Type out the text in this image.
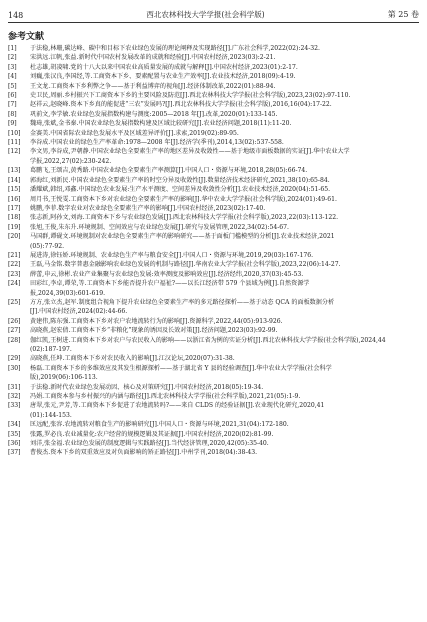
148	西北农林科技大学学报(社会科学版)	第 25 卷
参考文献
[1]	于法稳,林珊,碳达峰、碳中和目标下农业绿色发展的理论阐释及实现路径[J].广东社会科学,2022(02):24-32.
[2]	宋洪远.江帆,张益.新时代中国农村发展改革的成就和经验[J].中国农村经济,2023(03):2-21.
[3]	杜志雄,胡凌啸.党的十八大以来中国农业高质量发展的成就与解释[J].中国农村经济,2023(01):2-17.
[4]	刘巍,张汉良,李国经,等.工商资本下乡、要素配置与农业生产效率[J].农业技术经济,2018(09):4-19.
[5]	王文龙.工商资本下乡利弊之争——基于利益博弈的视角[J].经济体制改革,2022(01):88-94.
[6]	史卫民,周丽.乡村振兴下工商资本下乡的主要风险及防范[J].西北农林科技大学学报(社会科学版),2023,23(02):97-110.
[7]	赵祥云,赵晓峰.资本下乡真的能促进“三农”发展吗?[J].西北农林科技大学学报(社会科学版),2016,16(04):17-22.
[8]	巩前文,李学敏.农业绿色发展指数构建与测度:2005—2018 年[J].改革,2020(01):133-145.
[9]	魏琦,张斌,金书秦.中国农业绿色发展指数构建及区域比较研究[J].农业经济问题,2018(11):11-20.
[10]	金赛美.中国省际农业绿色发展水平及区域差异评价[J].求索,2019(02):89-95.
[11]	李谷成.中国农业的绿色生产率革命:1978—2008 年[J].经济学(季刊),2014,13(02):537-558.
[12]	李文男,李谷成,尹朝静.中国农业绿色全要素生产率的地区差异及收敛性——基于地级市面板数据的实证[J].华中农业大学
学报,2022,27(02):230-242.
[13]	葛鹏飞,王颂吉,黄秀路.中国农业绿色全要素生产率测算[J].中国人口・资源与环境,2018,28(05):66-74.
[14]	郭海红,刘新民.中国农业绿色全要素生产率的时空分异及收敛性[J].数量经济技术经济研究,2021,38(10):65-84.
[15]	潘耀斌,韩绍,邓鑫.中国绿色农业发展:生产水平测度、空间差异及收敛性分析[J].农业技术经济,2020(04):51-65.
[16]	周月书,王悦雯.工商资本下乡对农业绿色全要素生产率的影响[J].华中农业大学学报(社会科学版),2024(01):49-61.
[17]	姚鹏,李菲.数字农业对农业绿色全要素生产率的影响[J].中国农村经济,2023(02):17-40.
[18]	张志新,阿孙文,刘海.工商资本下乡与农业绿色发展[J].西北农林科技大学学报(社会科学版),2023,22(03):113-122.
[19]	张旭,王俊,朱东升.环境规制、空间效应与农业绿色发展[J].研究与发展管理,2022,34(02):54-67.
[20]	马国群,谭砚文.环境规制对农业绿色全要素生产率的影响研究——基于面板门槛模型的分析[J].农业技术经济,2021
(05):77-92.
[21]	展进涛,徐钰娇.环境规制、农业绿色生产率与粮食安全[J].中国人口・资源与环境,2019,29(03):167-176.
[22]	王磊,马金铭.数字普惠金融影响农业绿色发展的机制与路径[J].华南农业大学学报(社会科学版),2023,22(06):14-27.
[23]	薛蕾,申云,徐彬.农业产业集聚与农业绿色发展:效率测度及影响效应[J].经济经纬,2020,37(03):45-53.
[24]	田彩红,李卓,谭荣,等.工商资本下乡能否提升农户福祉?——以长江经济带 579 个县域为例[J].自然资源学
报,2024,39(03):601-619.
[25]	方方,张立杰,赵军.制度组合视角下提升农业绿色全要素生产率的多元路径探析——基于动态 QCA 的面板数据分析
[J].中国农村经济,2024(02):44-66.
[26]	黄建伟,陈东强.工商资本下乡对农户农地流转行为的影响[J].资源科学,2022,44(05):913-926.
[27]	高晓燕,赵宏倩.工商资本下乡“非粮化”现象的诱因及长效对策[J].经济问题,2023(03):92-99.
[28]	伽红凯,王树进.工商资本下乡对农户与农民收入的影响——以浙江省为例的实证分析[J].西北农林科技大学学报(社会科学版),2024,44
(02):187-197.
[29]	高晓燕,任坤.工商资本下乡对农民收入的影响[J].江汉论坛,2020(07):31-38.
[30]	杨磊.工商资本下乡的多维效应及其发生根源探析——基于湖北省 Y 县的经验调查[J].华中农业大学学报(社会科学
版),2019(06):106-113.
[31]	于法稳.新时代农业绿色发展动因、核心及对策研究[J].中国农村经济,2018(05):19-34.
[32]	冯娟.工商资本参与乡村振兴的内涵与路径[J].西北农林科技大学学报(社会科学版),2021,21(05):1-9.
[33]	唐翠,张元,尹芳,等.工商资本下乡促进了农地流转吗?——来自 CLDS 的经验证据[J].农业现代化研究,2020,41
(01):144-153.
[34]	匡远配,张容.农地流转对粮食生产的影响研究[J].中国人口・资源与环境,2021,31(04):172-180.
[35]	张露,罗必良.农业减量化:农户经营的规模逻辑及其证据[J].中国农村经济,2020(02):81-99.
[36]	刘洋,张金福.农业绿色发展的制度逻辑与实践路径[J].当代经济管理,2020,42(05):35-40.
[37]	曹俊杰.资本下乡的双重效应及对负面影响的矫正路径[J].中州学刊,2018(04):38-43.
